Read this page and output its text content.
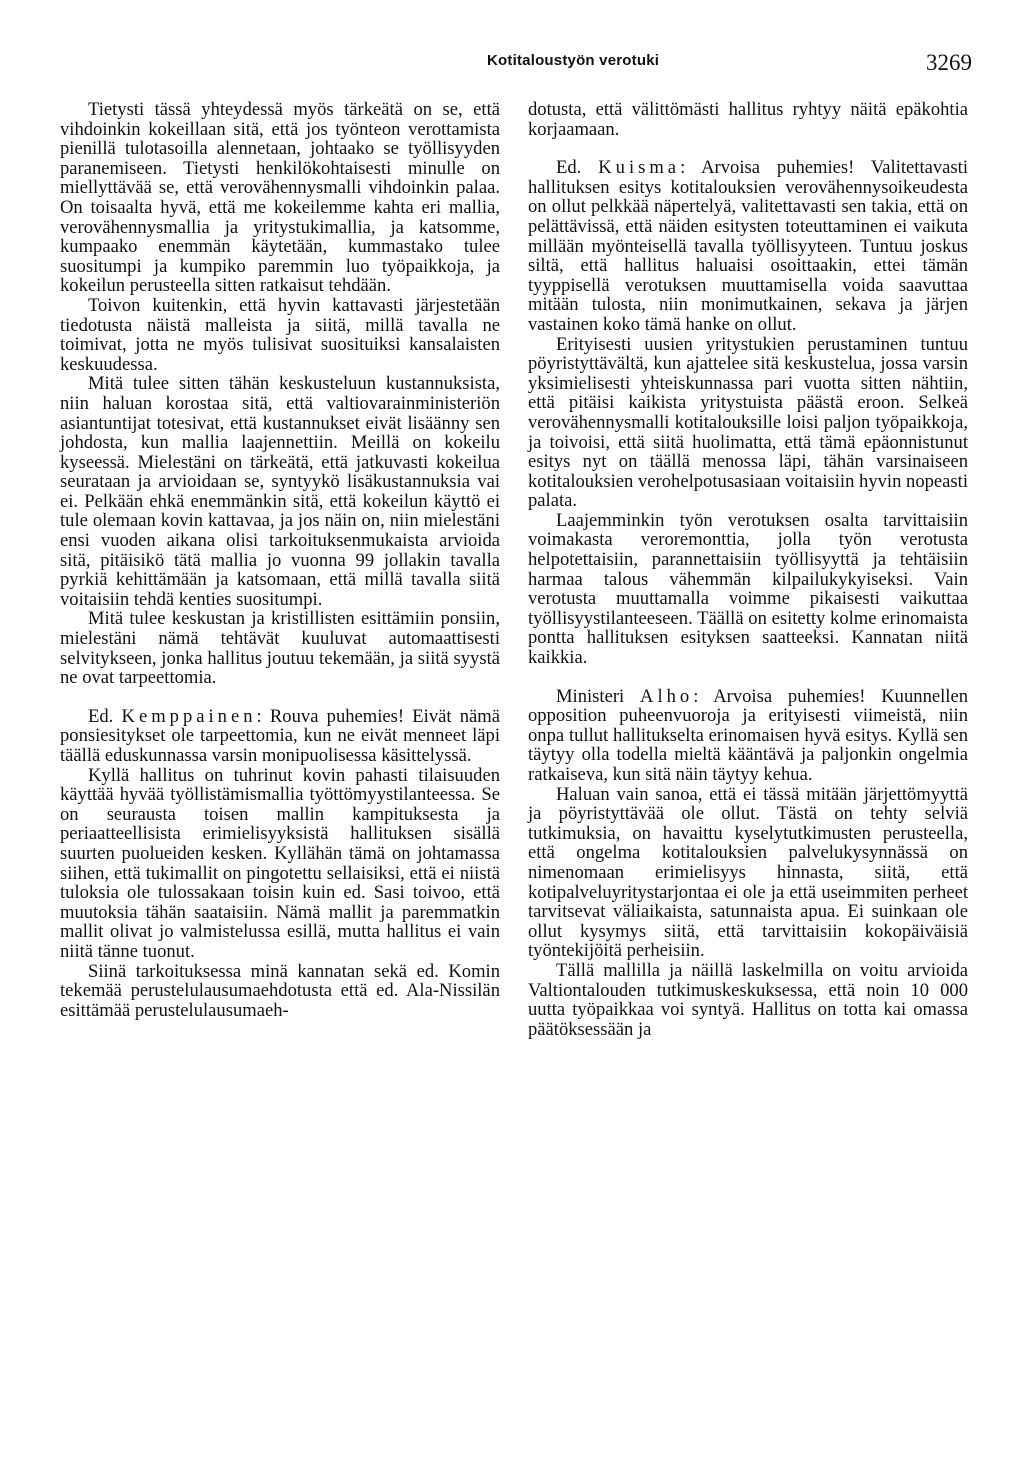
Kotitaloustyön verotuki	3269

Tietysti tässä yhteydessä myös tärkeätä on se, että vihdoinkin kokeillaan sitä, että jos työnteon verottamista pienillä tulotasoilla alennetaan, johtaako se työllisyyden paranemiseen. Tietysti henkilökohtaisesti minulle on miellyttävää se, että verovähennysmalli vihdoinkin palaa. On toisaalta hyvä, että me kokeilemme kahta eri mallia, verovähennysmallia ja yritystukimallia, ja katsomme, kumpaako enemmän käytetään, kummastako tulee suositumpi ja kumpiko paremmin luo työpaikkoja, ja kokeilun perusteella sitten ratkaisut tehdään.

Toivon kuitenkin, että hyvin kattavasti järjestetään tiedotusta näistä malleista ja siitä, millä tavalla ne toimivat, jotta ne myös tulisivat suosituiksi kansalaisten keskuudessa.

Mitä tulee sitten tähän keskusteluun kustannuksista, niin haluan korostaa sitä, että valtiovarainministeriön asiantuntijat totesivat, että kustannukset eivät lisäänny sen johdosta, kun mallia laajennettiin. Meillä on kokeilu kyseessä. Mielestäni on tärkeätä, että jatkuvasti kokeilua seurataan ja arvioidaan se, syntyykö lisäkustannuksia vai ei. Pelkään ehkä enemmänkin sitä, että kokeilun käyttö ei tule olemaan kovin kattavaa, ja jos näin on, niin mielestäni ensi vuoden aikana olisi tarkoituksenmukaista arvioida sitä, pitäisikö tätä mallia jo vuonna 99 jollakin tavalla pyrkiä kehittämään ja katsomaan, että millä tavalla siitä voitaisiin tehdä kenties suositumpi.

Mitä tulee keskustan ja kristillisten esittämiin ponsiin, mielestäni nämä tehtävät kuuluvat automaattisesti selvitykseen, jonka hallitus joutuu tekemään, ja siitä syystä ne ovat tarpeettomia.

Ed. Kemppainen: Rouva puhemies! Eivät nämä ponsiesitykset ole tarpeettomia, kun ne eivät menneet läpi täällä eduskunnassa varsin monipuolisessa käsittelyssä.

Kyllä hallitus on tuhrinut kovin pahasti tilaisuuden käyttää hyvää työllistämismallia työttömyystilanteessa. Se on seurausta toisen mallin kampituksesta ja periaatteellisista erimielisyyksistä hallituksen sisällä suurten puolueiden kesken. Kyllähän tämä on johtamassa siihen, että tukimallit on pingotettu sellaisiksi, että ei niistä tuloksia ole tulossakaan toisin kuin ed. Sasi toivoo, että muutoksia tähän saataisiin. Nämä mallit ja paremmatkin mallit olivat jo valmistelussa esillä, mutta hallitus ei vain niitä tänne tuonut.

Siinä tarkoituksessa minä kannatan sekä ed. Komin tekemää perustelulausumaehdotusta että ed. Ala-Nissilän esittämää perustelulausumaeh-

dotusta, että välittömästi hallitus ryhtyy näitä epäkohtia korjaamaan.

Ed. Kuisma: Arvoisa puhemies! Valitettavasti hallituksen esitys kotitalouksien verovähennysoikeudesta on ollut pelkkää näpertelyä, valitettavasti sen takia, että on pelättävissä, että näiden esitysten toteuttaminen ei vaikuta millään myönteisellä tavalla työllisyyteen. Tuntuu joskus siltä, että hallitus haluaisi osoittaakin, ettei tämän tyyppisellä verotuksen muuttamisella voida saavuttaa mitään tulosta, niin monimutkainen, sekava ja järjen vastainen koko tämä hanke on ollut.

Erityisesti uusien yritystukien perustaminen tuntuu pöyristyttävältä, kun ajattelee sitä keskustelua, jossa varsin yksimielisesti yhteiskunnassa pari vuotta sitten nähtiin, että pitäisi kaikista yritystuista päästä eroon. Selkeä verovähennysmalli kotitalouksille loisi paljon työpaikkoja, ja toivoisi, että siitä huolimatta, että tämä epäonnistunut esitys nyt on täällä menossa läpi, tähän varsinaiseen kotitalouksien verohelpotusasiaan voitaisiin hyvin nopeasti palata.

Laajemminkin työn verotuksen osalta tarvittaisiin voimakasta veroremonttia, jolla työn verotusta helpotettaisiin, parannettaisiin työllisyyttä ja tehtäisiin harmaa talous vähemmän kilpailukykyiseksi. Vain verotusta muuttamalla voimme pikaisesti vaikuttaa työllisyystilanteeseen. Täällä on esitetty kolme erinomaista pontta hallituksen esityksen saatteeksi. Kannatan niitä kaikkia.

Ministeri Alho: Arvoisa puhemies! Kuunnellen opposition puheenvuoroja ja erityisesti viimeistä, niin onpa tullut hallitukselta erinomaisen hyvä esitys. Kyllä sen täytyy olla todella mieltä kääntävä ja paljonkin ongelmia ratkaiseva, kun sitä näin täytyy kehua.

Haluan vain sanoa, että ei tässä mitään järjettömyyttä ja pöyristyttävää ole ollut. Tästä on tehty selviä tutkimuksia, on havaittu kyselytutkimusten perusteella, että ongelma kotitalouksien palvelukysynnässä on nimenomaan erimielisyys hinnasta, siitä, että kotipalveluyritystarjontaa ei ole ja että useimmiten perheet tarvitsevat väliaikaista, satunnaista apua. Ei suinkaan ole ollut kysymys siitä, että tarvittaisiin kokopäiväisiä työntekijöitä perheisiin.

Tällä mallilla ja näillä laskelmilla on voitu arvioida Valtiontalouden tutkimuskeskuksessa, että noin 10 000 uutta työpaikkaa voi syntyä. Hallitus on totta kai omassa päätöksessään ja
